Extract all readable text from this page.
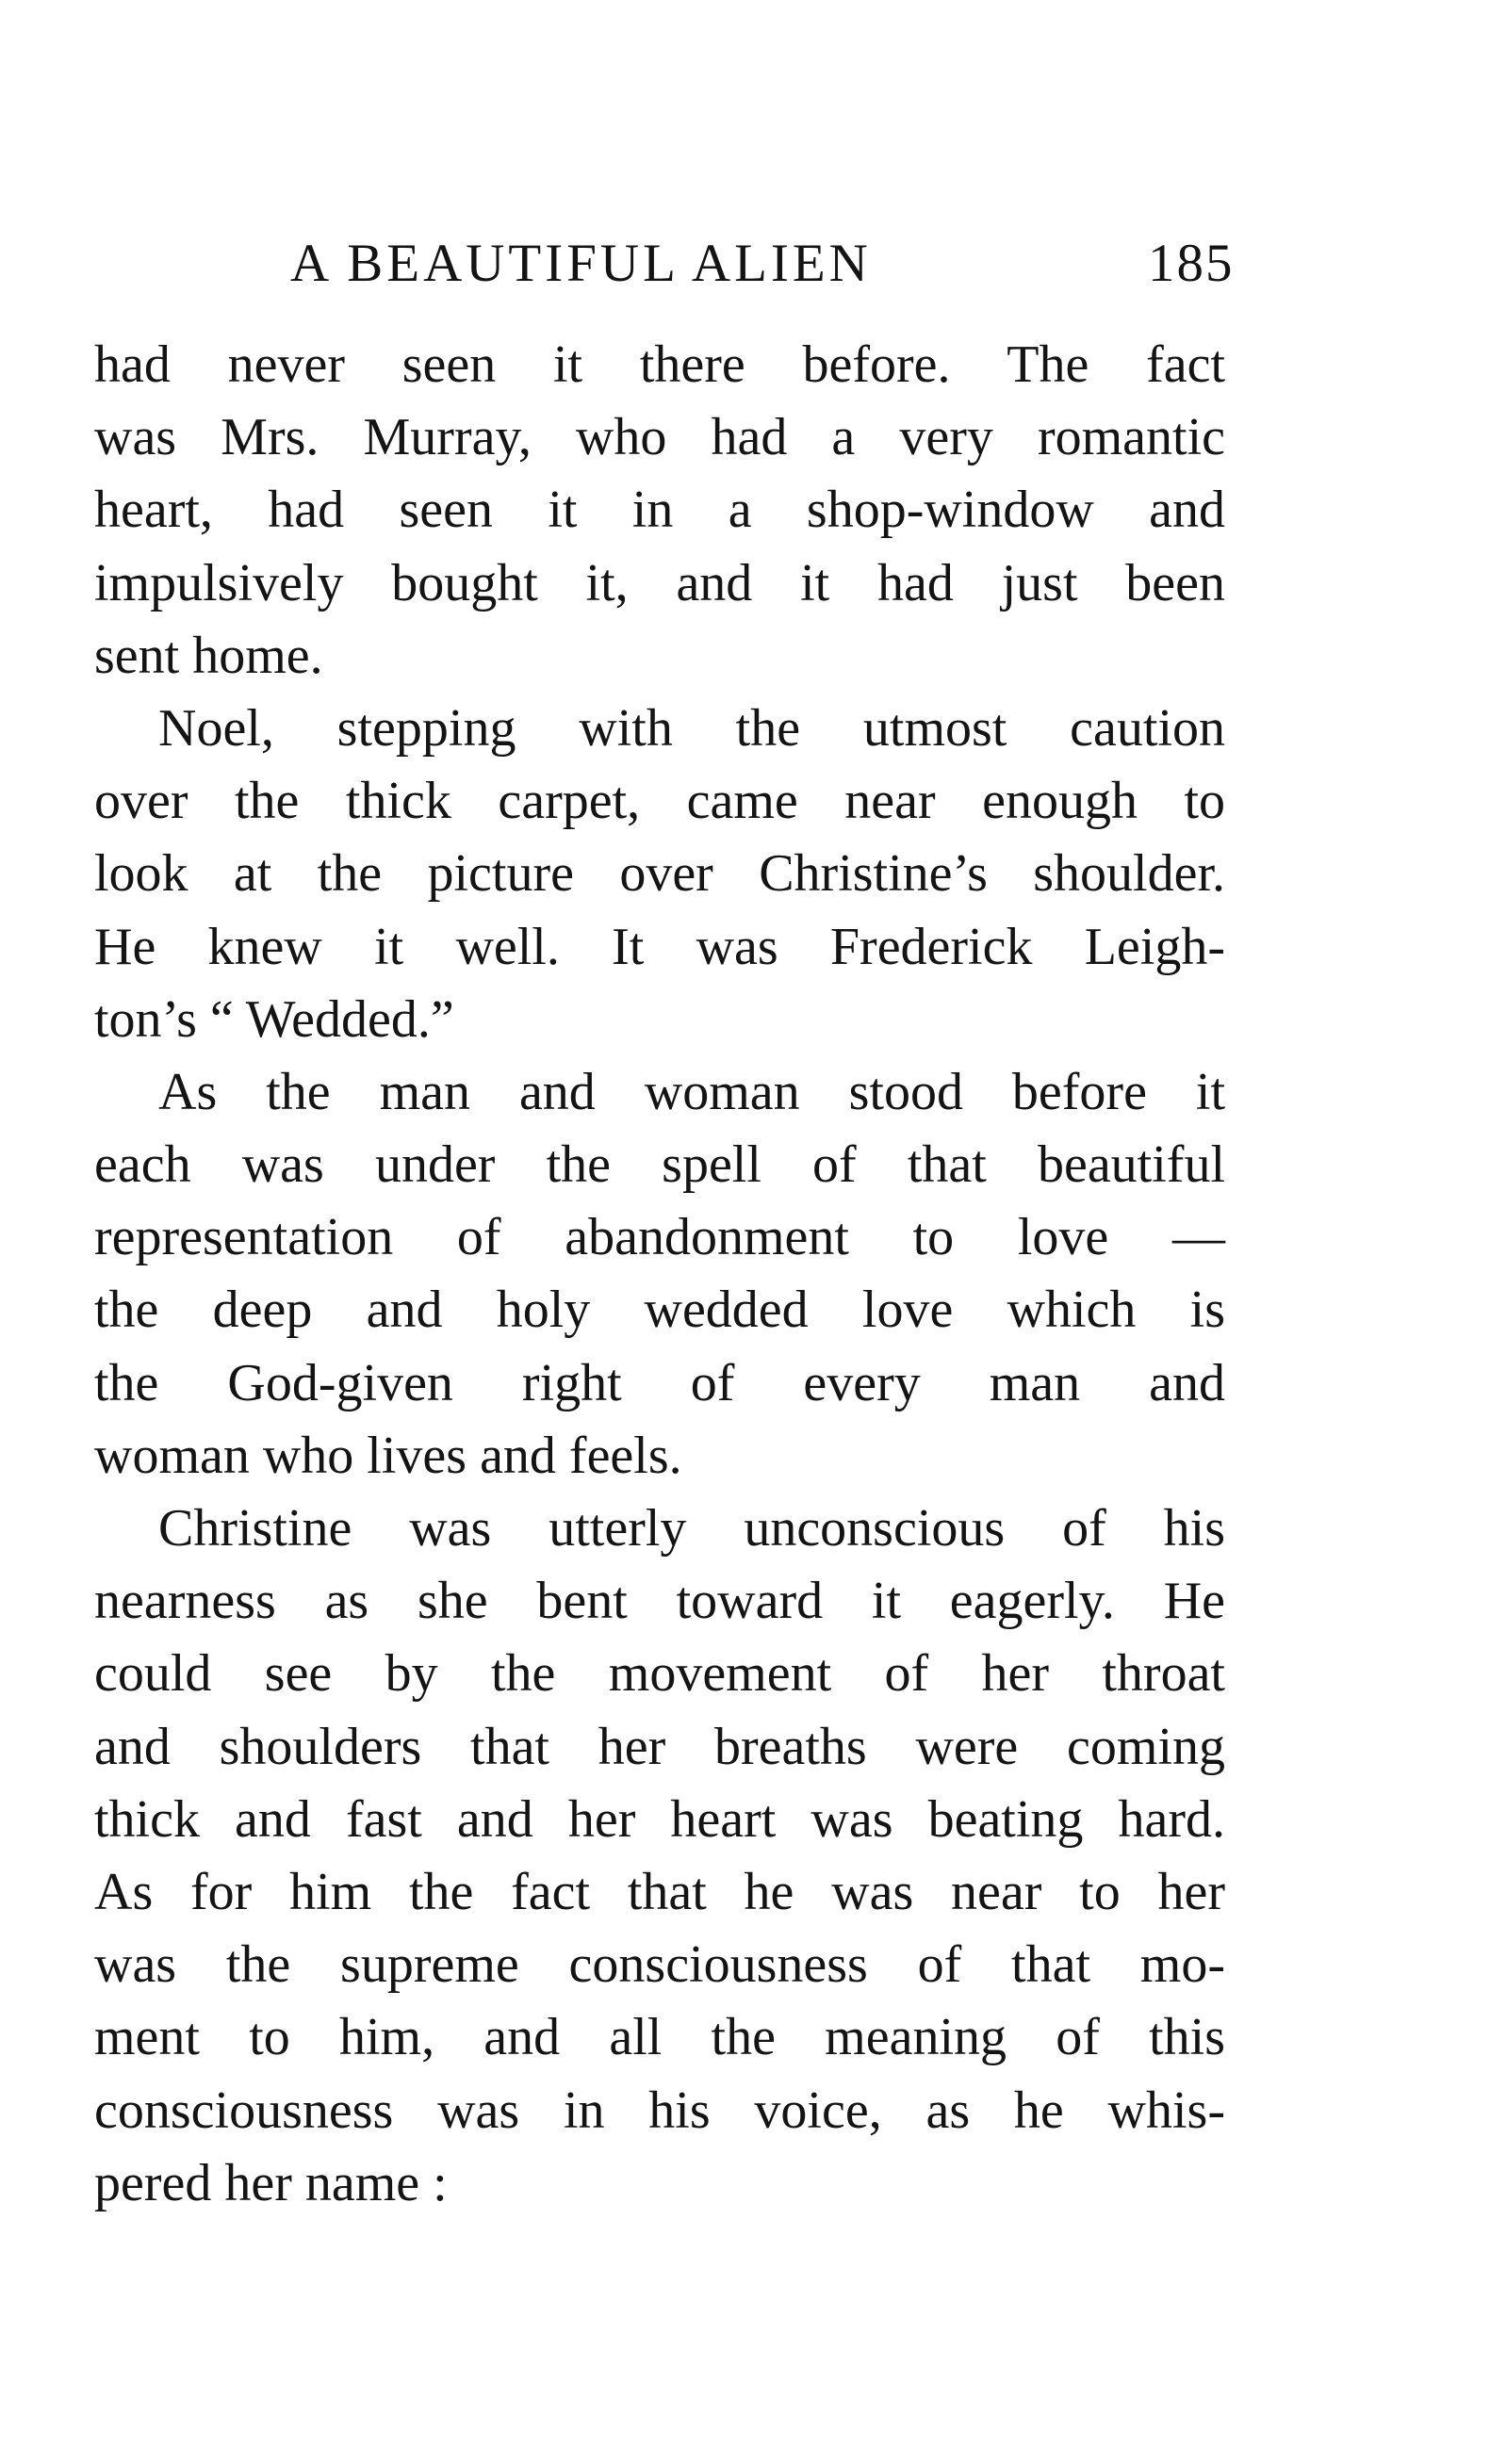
A BEAUTIFUL ALIEN	185
had never seen it there before. The fact
was Mrs. Murray, who had a very romantic
heart, had seen it in a shop-window and
impulsively bought it, and it had just been
sent home.
Noel, stepping with the utmost caution
over the thick carpet, came near enough to
look at the picture over Christine’s shoulder.
He knew it well. It was Frederick Leigh-
ton’s “ Wedded.”
As the man and woman stood before it
each was under the spell of that beautiful
representation of abandonment to love —
the deep and holy wedded love which is
the God-given right of every man and
woman who lives and feels.
Christine was utterly unconscious of his
nearness as she bent toward it eagerly. He
could see by the movement of her throat
and shoulders that her breaths were coming
thick and fast and her heart was beating hard.
As for him the fact that he was near to her
was the supreme consciousness of that mo-
ment to him, and all the meaning of this
consciousness was in his voice, as he whis-
pered her name :
